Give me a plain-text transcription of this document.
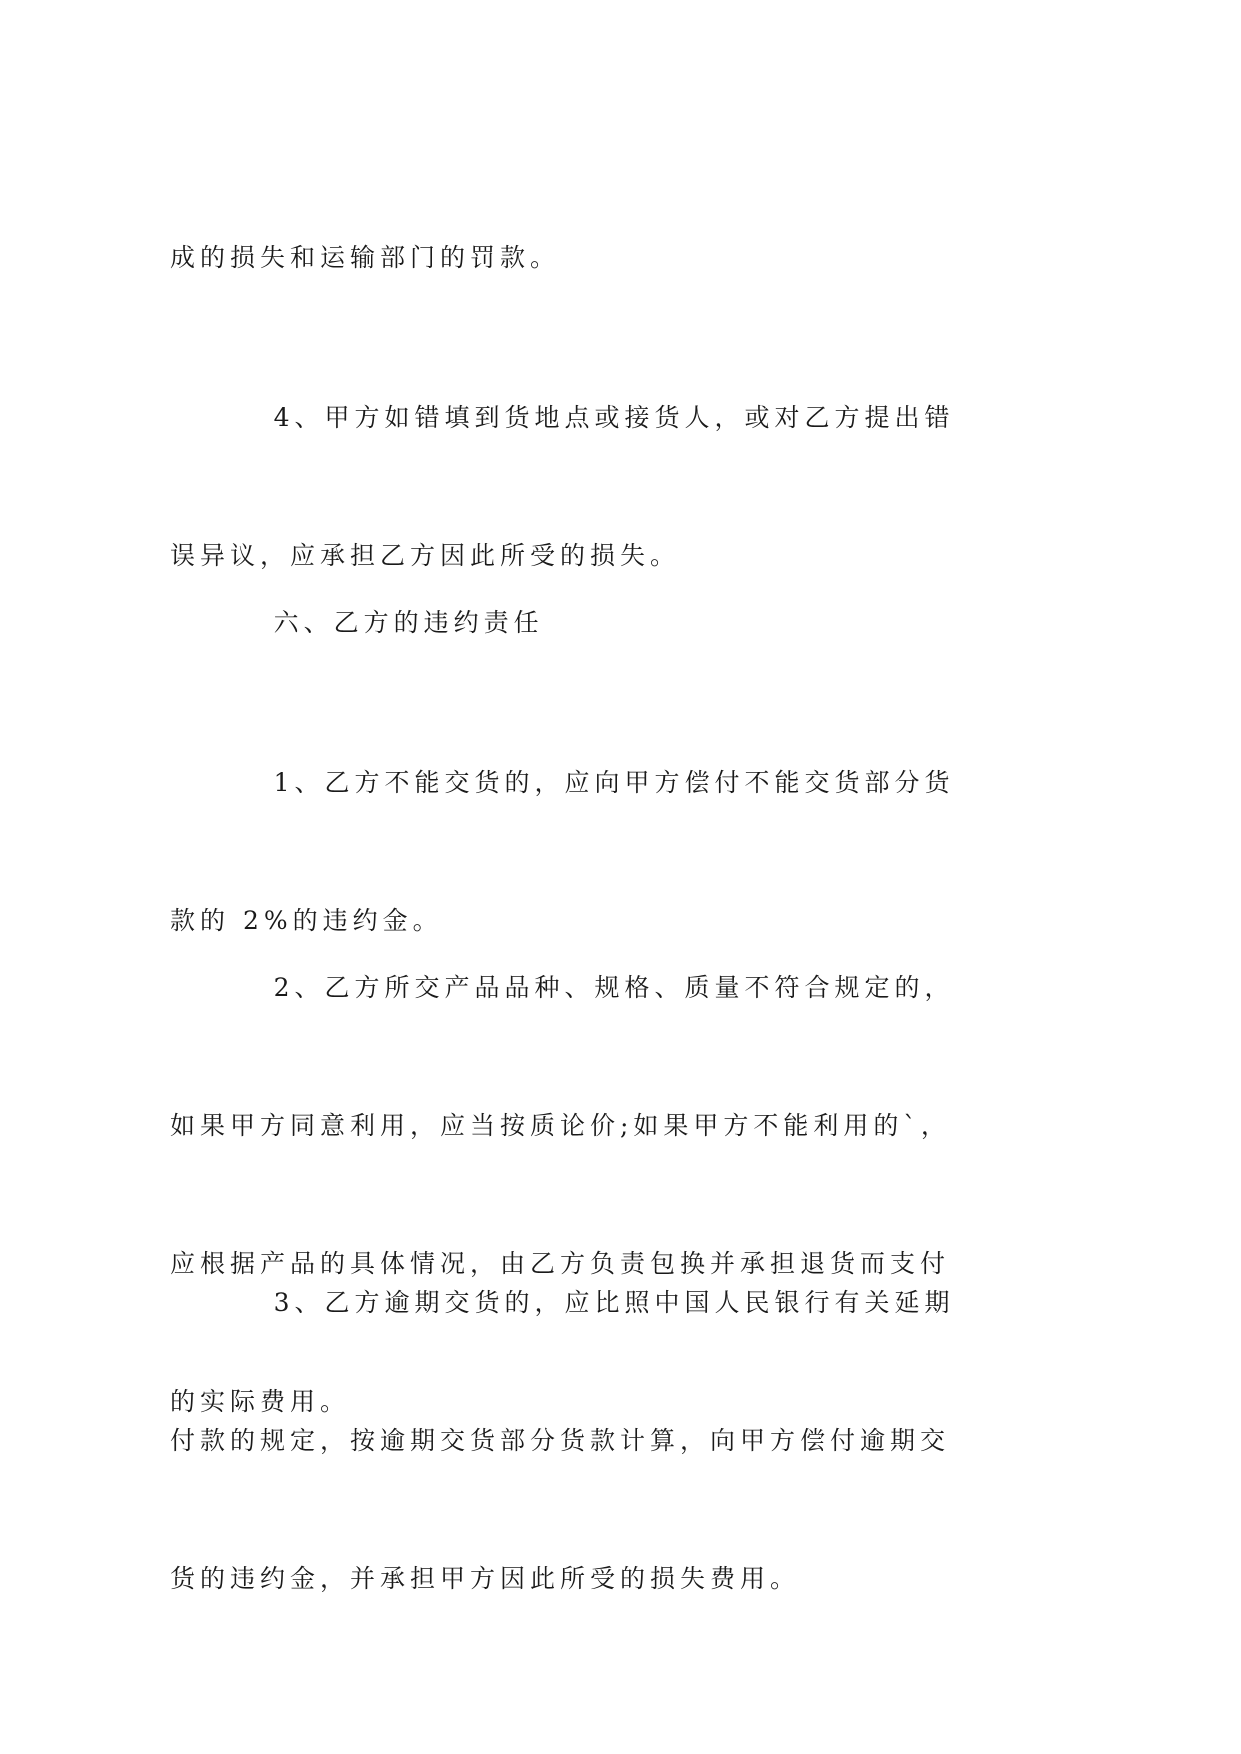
成的损失和运输部门的罚款。

4、甲方如错填到货地点或接货人，或对乙方提出错

误异议，应承担乙方因此所受的损失。

六、乙方的违约责任

1、乙方不能交货的，应向甲方偿付不能交货部分货

款的 2%的违约金。

2、乙方所交产品品种、规格、质量不符合规定的，

如果甲方同意利用，应当按质论价;如果甲方不能利用的`，

应根据产品的具体情况，由乙方负责包换并承担退货而支付

的实际费用。

3、乙方逾期交货的，应比照中国人民银行有关延期

付款的规定，按逾期交货部分货款计算，向甲方偿付逾期交

货的违约金，并承担甲方因此所受的损失费用。
